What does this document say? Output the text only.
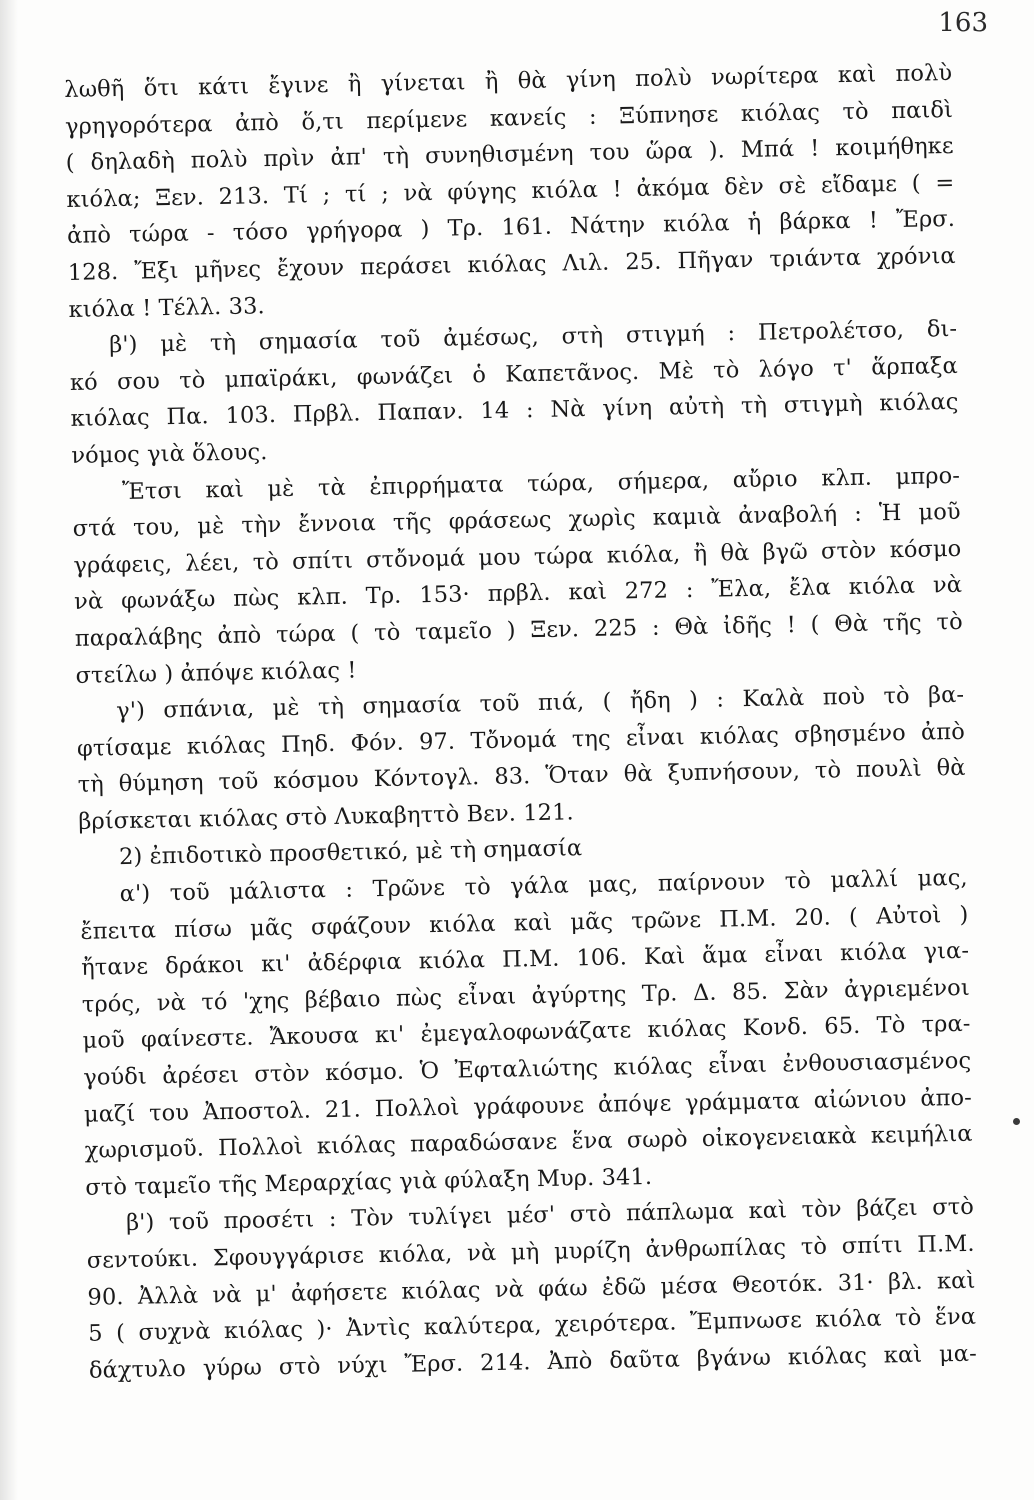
163
λωθῆ ὅτι κάτι ἔγινε ἢ γίνεται ἢ θὰ γίνη πολὺ νωρίτερα καὶ πολὺ
γρηγορότερα ἀπὸ ὅ,τι περίμενε κανείς : Ξύπνησε κιόλας τὸ παιδὶ
( δηλαδὴ πολὺ πρὶν ἀπ' τὴ συνηθισμένη του ὥρα ). Μπά ! κοιμήθηκε
κιόλα; Ξεν. 213. Τί ; τί ; νὰ φύγης κιόλα ! ἀκόμα δὲν σὲ εἴδαμε ( =
ἀπὸ τώρα - τόσο γρήγορα ) Τρ. 161. Νάτην κιόλα ἡ βάρκα ! Ἔρσ.
128. Ἔξι μῆνες ἔχουν περάσει κιόλας Λιλ. 25. Πῆγαν τριάντα χρόνια
κιόλα ! Τέλλ. 33.
β') μὲ τὴ σημασία τοῦ ἀμέσως, στὴ στιγμή : Πετρολέτσο, δι-
κό σου τὸ μπαϊράκι, φωνάζει ὁ Καπετᾶνος. Μὲ τὸ λόγο τ' ἅρπαξα
κιόλας Πα. 103. Πρβλ. Παπαν. 14 : Νὰ γίνη αὐτὴ τὴ στιγμὴ κιόλας
νόμος γιὰ ὅλους.
Ἔτσι καὶ μὲ τὰ ἐπιρρήματα τώρα, σήμερα, αὔριο κλπ. μπρο-
στά του, μὲ τὴν ἔννοια τῆς φράσεως χωρὶς καμιὰ ἀναβολή : Ἡ μοῦ
γράφεις, λέει, τὸ σπίτι στὄνομά μου τώρα κιόλα, ἢ θὰ βγῶ στὸν κόσμο
νὰ φωνάξω πὼς κλπ. Τρ. 153· πρβλ. καὶ 272 : Ἔλα, ἔλα κιόλα νὰ
παραλάβης ἀπὸ τώρα ( τὸ ταμεῖο ) Ξεν. 225 : Θὰ ἰδῆς ! ( Θὰ τῆς τὸ
στείλω ) ἀπόψε κιόλας !
γ') σπάνια, μὲ τὴ σημασία τοῦ πιά, ( ἤδη ) : Καλὰ ποὺ τὸ βα-
φτίσαμε κιόλας Πηδ. Φόν. 97. Τὄνομά της εἶναι κιόλας σβησμένο ἀπὸ
τὴ θύμηση τοῦ κόσμου Κόντογλ. 83. Ὅταν θὰ ξυπνήσουν, τὸ πουλὶ θὰ
βρίσκεται κιόλας στὸ Λυκαβηττὸ Βεν. 121.
2) ἐπιδοτικὸ προσθετικό, μὲ τὴ σημασία
α') τοῦ μάλιστα : Τρῶνε τὸ γάλα μας, παίρνουν τὸ μαλλί μας,
ἔπειτα πίσω μᾶς σφάζουν κιόλα καὶ μᾶς τρῶνε Π.Μ. 20. ( Αὐτοὶ )
ἤτανε δράκοι κι' ἀδέρφια κιόλα Π.Μ. 106. Καὶ ἅμα εἶναι κιόλα για-
τρός, νὰ τό 'χης βέβαιο πὼς εἶναι ἀγύρτης Τρ. Δ. 85. Σὰν ἀγριεμένοι
μοῦ φαίνεστε. Ἄκουσα κι' ἐμεγαλοφωνάζατε κιόλας Κονδ. 65. Τὸ τρα-
γούδι ἀρέσει στὸν κόσμο. Ὁ Ἐφταλιώτης κιόλας εἶναι ἐνθουσιασμένος
μαζί του Ἀποστολ. 21. Πολλοὶ γράφουνε ἀπόψε γράμματα αἰώνιου ἀπο-
χωρισμοῦ. Πολλοὶ κιόλας παραδώσανε ἕνα σωρὸ οἰκογενειακὰ κειμήλια
στὸ ταμεῖο τῆς Μεραρχίας γιὰ φύλαξη Μυρ. 341.
β') τοῦ προσέτι : Τὸν τυλίγει μέσ' στὸ πάπλωμα καὶ τὸν βάζει στὸ
σεντούκι. Σφουγγάρισε κιόλα, νὰ μὴ μυρίζη ἀνθρωπίλας τὸ σπίτι Π.Μ.
90. Ἀλλὰ νὰ μ' ἀφήσετε κιόλας νὰ φάω ἐδῶ μέσα Θεοτόκ. 31· βλ. καὶ
5 ( συχνὰ κιόλας )· Ἀντὶς καλύτερα, χειρότερα. Ἔμπνωσε κιόλα τὸ ἕνα
δάχτυλο γύρω στὸ νύχι Ἔρσ. 214. Ἀπὸ δαῦτα βγάνω κιόλας καὶ μα-
